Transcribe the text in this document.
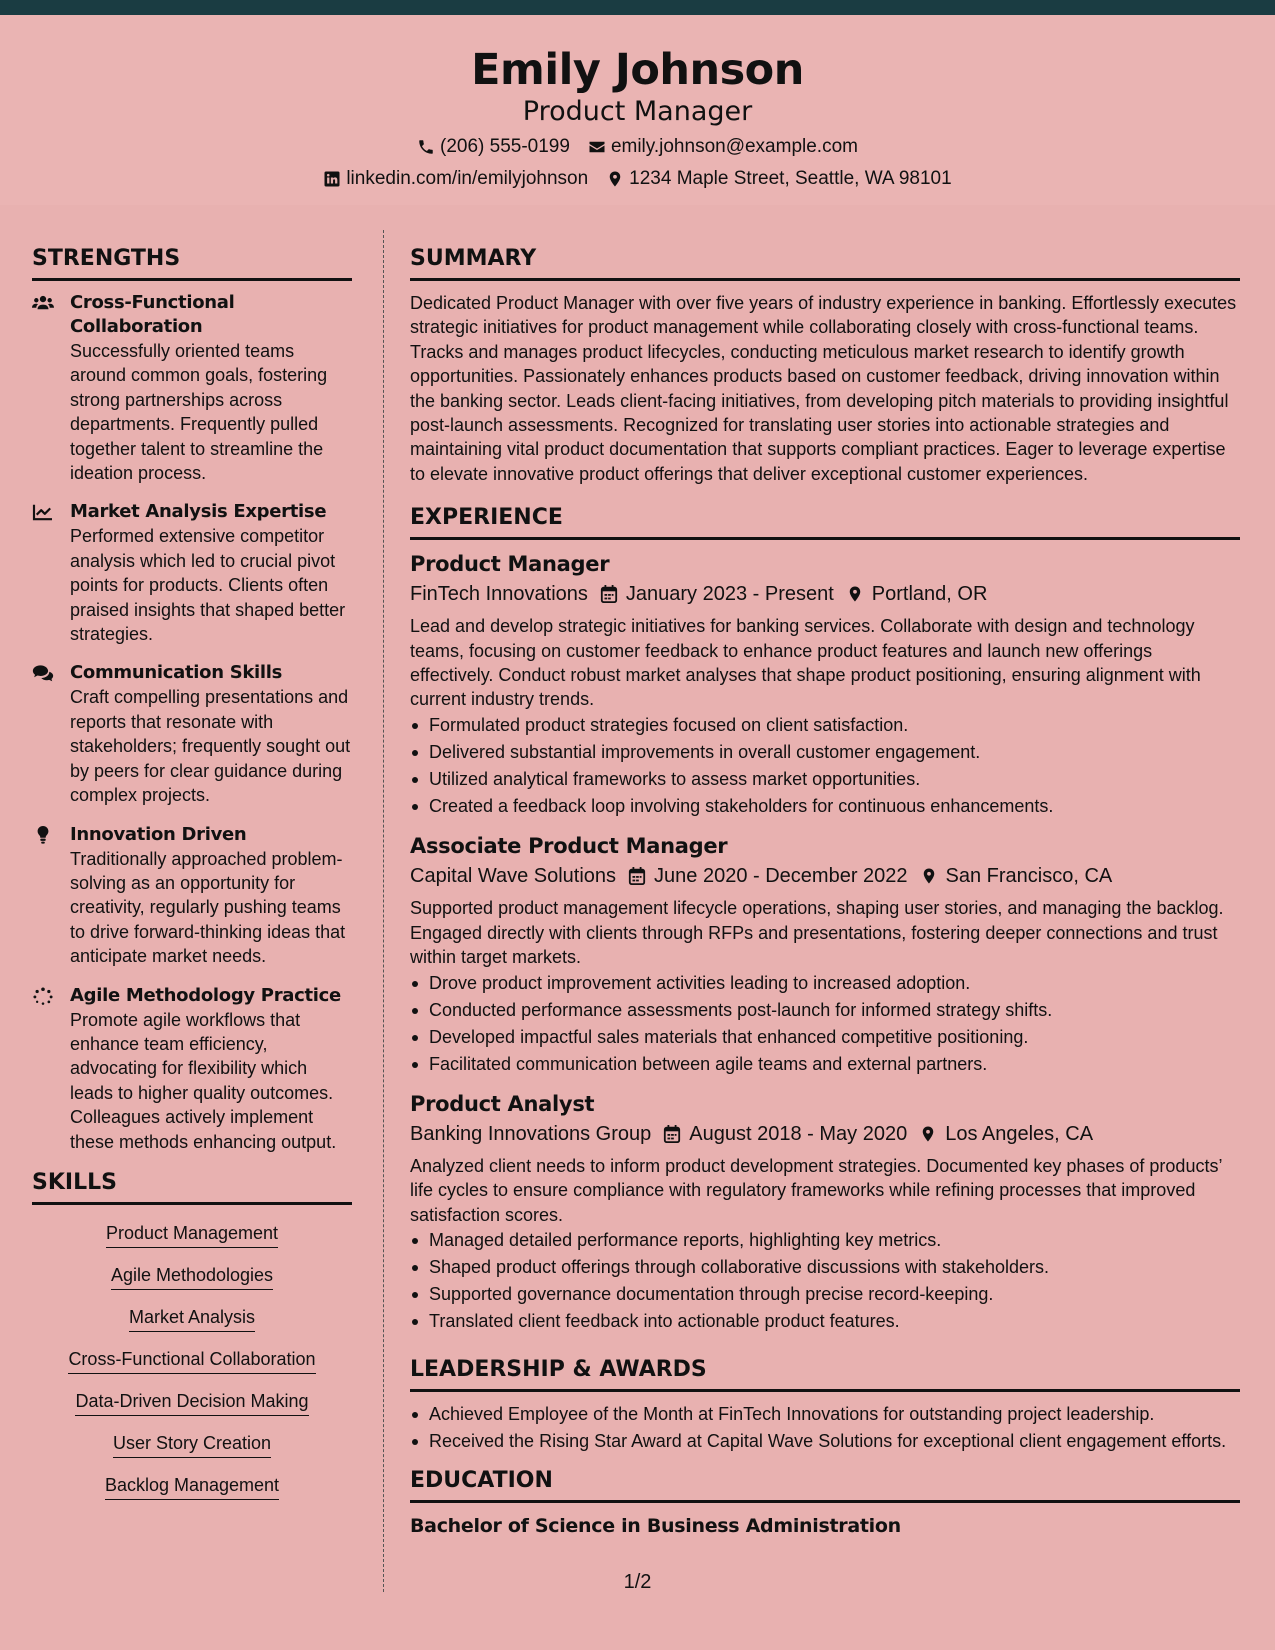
Emily Johnson
Product Manager
(206) 555-0199 emily.johnson@example.com
linkedin.com/in/emilyjohnson 1234 Maple Street, Seattle, WA 98101
STRENGTHS
Cross-Functional Collaboration
Successfully oriented teams around common goals, fostering strong partnerships across departments. Frequently pulled together talent to streamline the ideation process.
Market Analysis Expertise
Performed extensive competitor analysis which led to crucial pivot points for products. Clients often praised insights that shaped better strategies.
Communication Skills
Craft compelling presentations and reports that resonate with stakeholders; frequently sought out by peers for clear guidance during complex projects.
Innovation Driven
Traditionally approached problem-solving as an opportunity for creativity, regularly pushing teams to drive forward-thinking ideas that anticipate market needs.
Agile Methodology Practice
Promote agile workflows that enhance team efficiency, advocating for flexibility which leads to higher quality outcomes. Colleagues actively implement these methods enhancing output.
SKILLS
Product Management
Agile Methodologies
Market Analysis
Cross-Functional Collaboration
Data-Driven Decision Making
User Story Creation
Backlog Management
SUMMARY
Dedicated Product Manager with over five years of industry experience in banking. Effortlessly executes strategic initiatives for product management while collaborating closely with cross-functional teams. Tracks and manages product lifecycles, conducting meticulous market research to identify growth opportunities. Passionately enhances products based on customer feedback, driving innovation within the banking sector. Leads client-facing initiatives, from developing pitch materials to providing insightful post-launch assessments. Recognized for translating user stories into actionable strategies and maintaining vital product documentation that supports compliant practices. Eager to leverage expertise to elevate innovative product offerings that deliver exceptional customer experiences.
EXPERIENCE
Product Manager
FinTech Innovations January 2023 - Present Portland, OR
Lead and develop strategic initiatives for banking services. Collaborate with design and technology teams, focusing on customer feedback to enhance product features and launch new offerings effectively. Conduct robust market analyses that shape product positioning, ensuring alignment with current industry trends.
Formulated product strategies focused on client satisfaction.
Delivered substantial improvements in overall customer engagement.
Utilized analytical frameworks to assess market opportunities.
Created a feedback loop involving stakeholders for continuous enhancements.
Associate Product Manager
Capital Wave Solutions June 2020 - December 2022 San Francisco, CA
Supported product management lifecycle operations, shaping user stories, and managing the backlog. Engaged directly with clients through RFPs and presentations, fostering deeper connections and trust within target markets.
Drove product improvement activities leading to increased adoption.
Conducted performance assessments post-launch for informed strategy shifts.
Developed impactful sales materials that enhanced competitive positioning.
Facilitated communication between agile teams and external partners.
Product Analyst
Banking Innovations Group August 2018 - May 2020 Los Angeles, CA
Analyzed client needs to inform product development strategies. Documented key phases of products’ life cycles to ensure compliance with regulatory frameworks while refining processes that improved satisfaction scores.
Managed detailed performance reports, highlighting key metrics.
Shaped product offerings through collaborative discussions with stakeholders.
Supported governance documentation through precise record-keeping.
Translated client feedback into actionable product features.
LEADERSHIP & AWARDS
Achieved Employee of the Month at FinTech Innovations for outstanding project leadership.
Received the Rising Star Award at Capital Wave Solutions for exceptional client engagement efforts.
EDUCATION
Bachelor of Science in Business Administration
1/2
